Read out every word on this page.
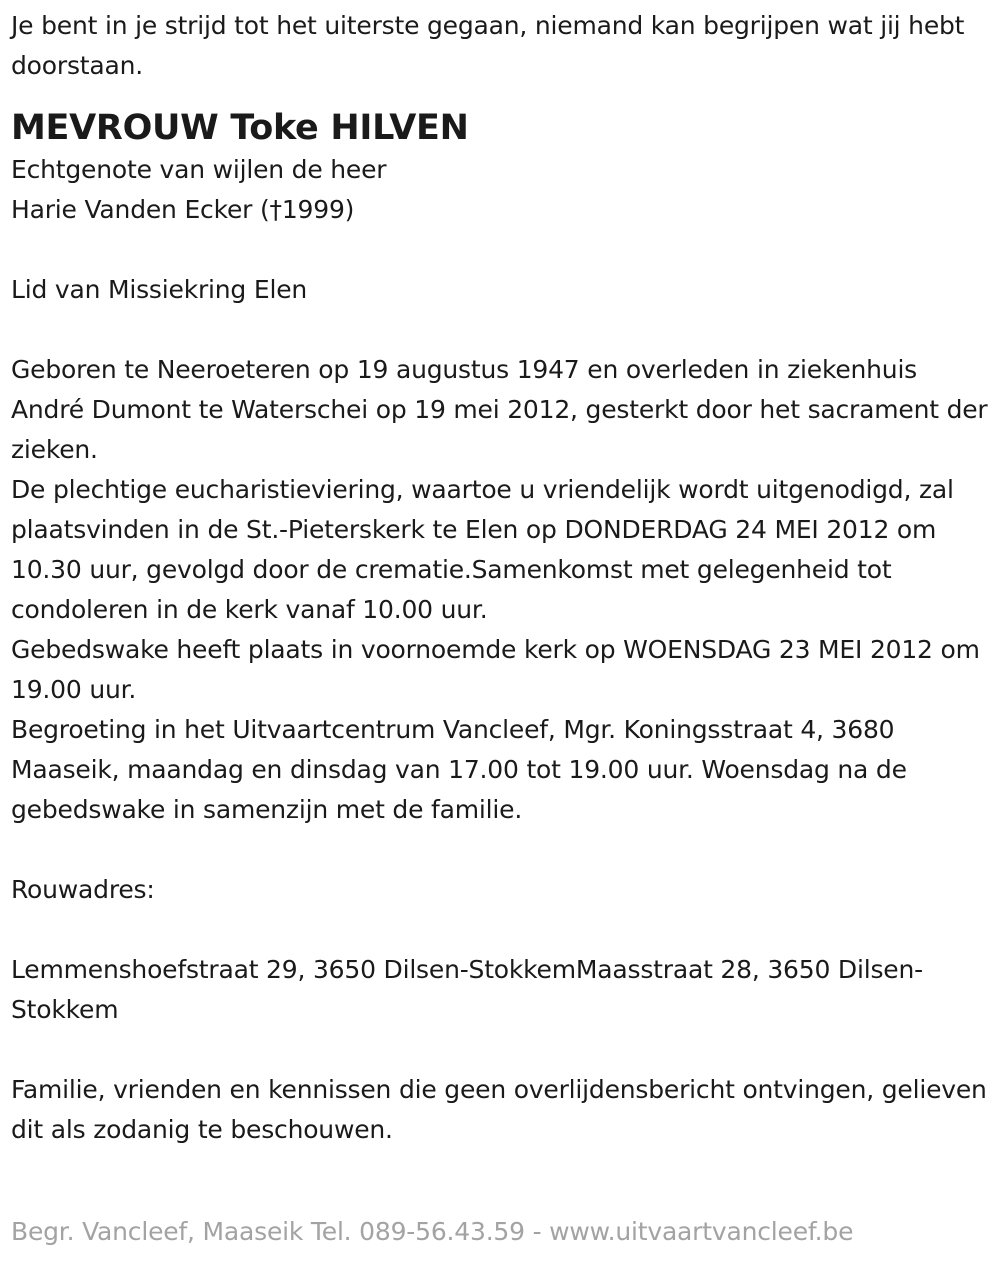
Je bent in je strijd tot het uiterste gegaan, niemand kan begrijpen wat jij hebt doorstaan.

MEVROUW Toke HILVEN

Echtgenote van wijlen de heer

Harie Vanden Ecker (†1999)

Lid van Missiekring Elen

Geboren te Neeroeteren op 19 augustus 1947 en overleden in ziekenhuis André Dumont te Waterschei op 19 mei 2012, gesterkt door het sacrament der zieken.

De plechtige eucharistieviering, waartoe u vriendelijk wordt uitgenodigd, zal plaatsvinden in de St.-Pieterskerk te Elen op DONDERDAG 24 MEI 2012 om 10.30 uur, gevolgd door de crematie.Samenkomst met gelegenheid tot condoleren in de kerk vanaf 10.00 uur.

Gebedswake heeft plaats in voornoemde kerk op WOENSDAG 23 MEI 2012 om 19.00 uur.

Begroeting in het Uitvaartcentrum Vancleef, Mgr. Koningsstraat 4, 3680 Maaseik, maandag en dinsdag van 17.00 tot 19.00 uur. Woensdag na de gebedswake in samenzijn met de familie.

Rouwadres:

Lemmenshoefstraat 29, 3650 Dilsen-StokkemMaasstraat 28, 3650 Dilsen-Stokkem

Familie, vrienden en kennissen die geen overlijdensbericht ontvingen, gelieven dit als zodanig te beschouwen.

Begr. Vancleef, Maaseik Tel. 089-56.43.59 - www.uitvaartvancleef.be
